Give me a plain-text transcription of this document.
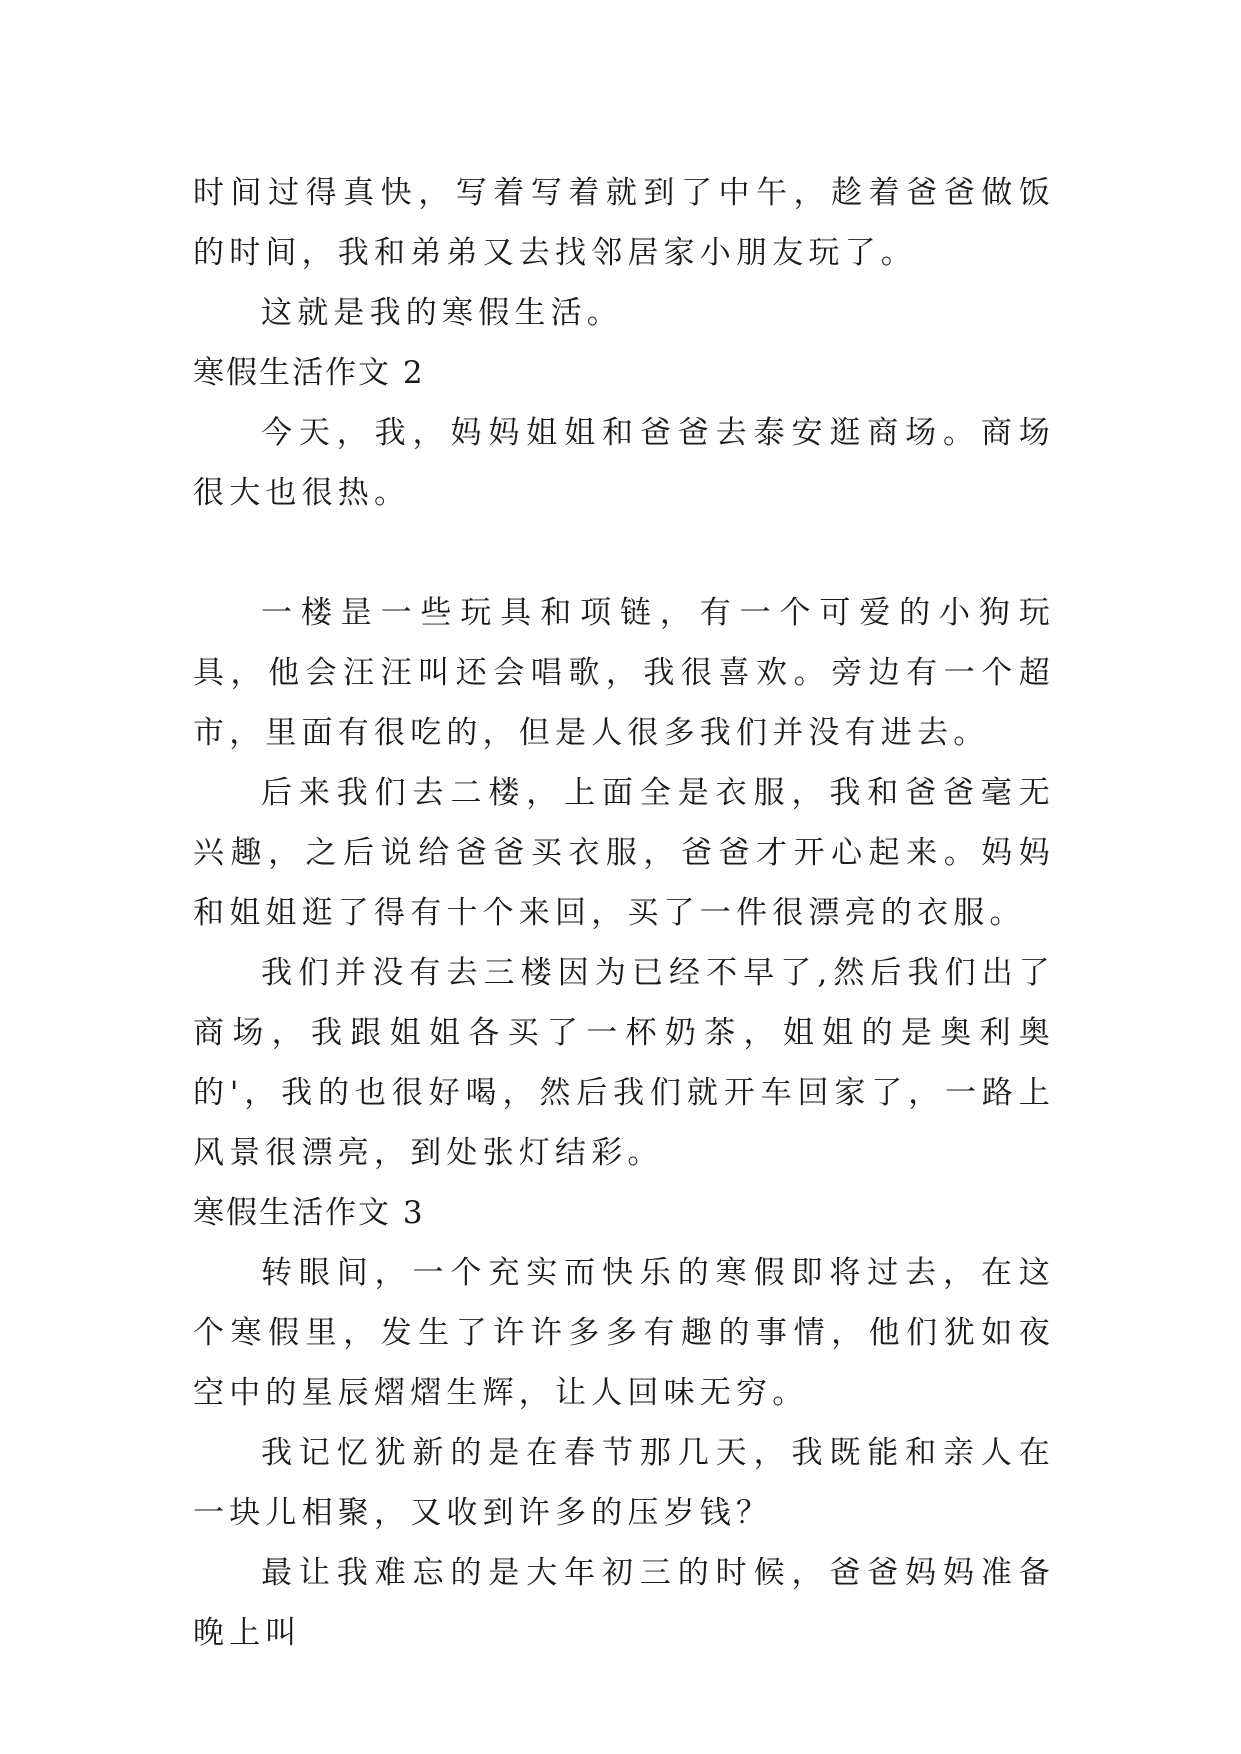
时间过得真快，写着写着就到了中午，趁着爸爸做饭的时间，我和弟弟又去找邻居家小朋友玩了。

这就是我的寒假生活。

寒假生活作文 2

今天，我，妈妈姐姐和爸爸去泰安逛商场。商场很大也很热。

一楼昰一些玩具和项链，有一个可爱的小狗玩具，他会汪汪叫还会唱歌，我很喜欢。旁边有一个超市，里面有很吃的，但是人很多我们并没有进去。

后来我们去二楼，上面全是衣服，我和爸爸毫无兴趣，之后说给爸爸买衣服，爸爸才开心起来。妈妈和姐姐逛了得有十个来回，买了一件很漂亮的衣服。

我们并没有去三楼因为已经不早了,然后我们出了商场，我跟姐姐各买了一杯奶茶，姐姐的是奥利奥的'，我的也很好喝，然后我们就开车回家了，一路上风景很漂亮，到处张灯结彩。

寒假生活作文 3

转眼间，一个充实而快乐的寒假即将过去，在这个寒假里，发生了许许多多有趣的事情，他们犹如夜空中的星辰熠熠生辉，让人回味无穷。

我记忆犹新的是在春节那几天，我既能和亲人在一块儿相聚，又收到许多的压岁钱？

最让我难忘的是大年初三的时候，爸爸妈妈准备晚上叫
